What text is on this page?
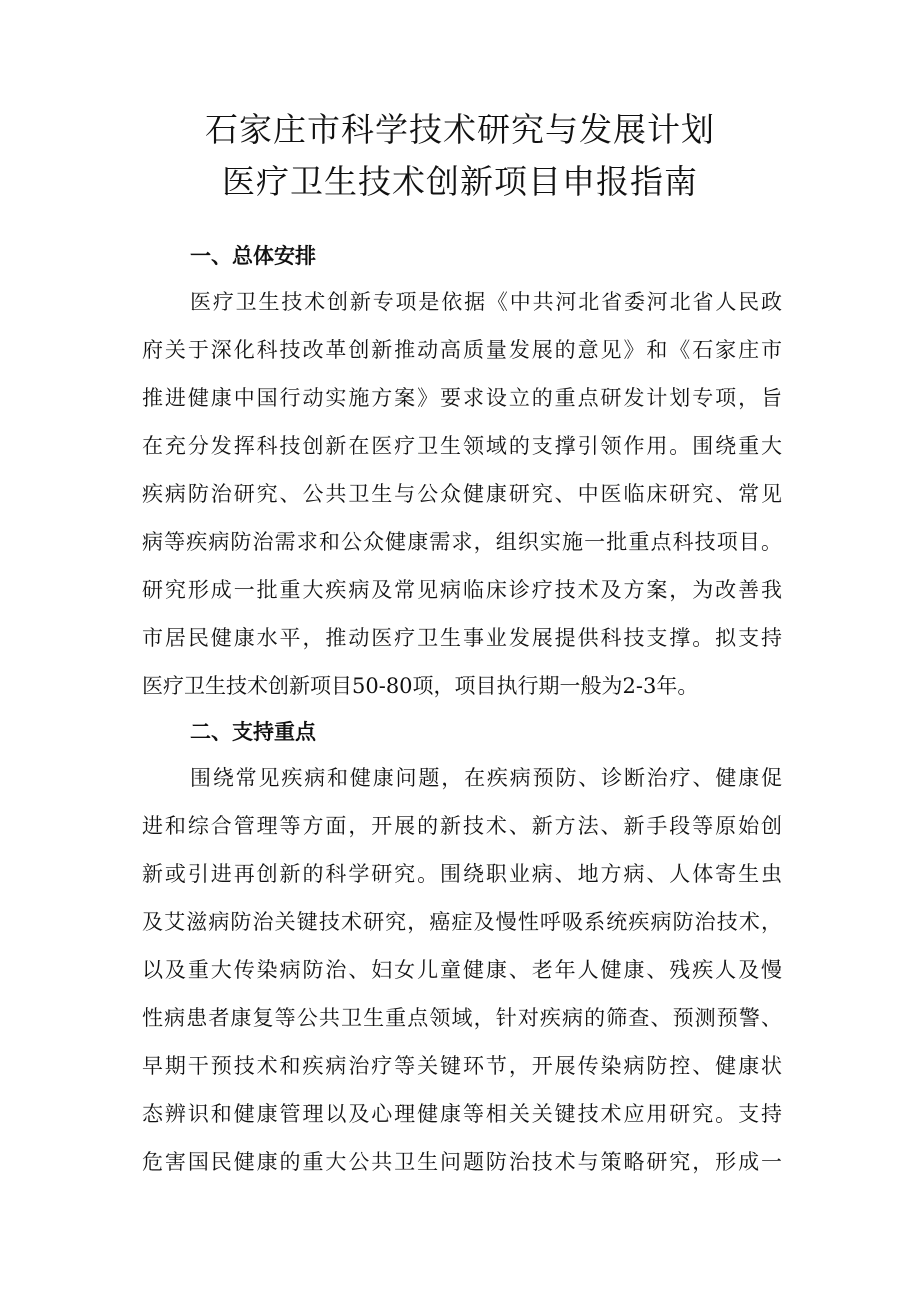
石家庄市科学技术研究与发展计划
医疗卫生技术创新项目申报指南
一、总体安排
医疗卫生技术创新专项是依据《中共河北省委河北省人民政
府关于深化科技改革创新推动高质量发展的意见》和《石家庄市
推进健康中国行动实施方案》要求设立的重点研发计划专项，旨
在充分发挥科技创新在医疗卫生领域的支撑引领作用。围绕重大
疾病防治研究、公共卫生与公众健康研究、中医临床研究、常见
病等疾病防治需求和公众健康需求，组织实施一批重点科技项目。
研究形成一批重大疾病及常见病临床诊疗技术及方案，为改善我
市居民健康水平，推动医疗卫生事业发展提供科技支撑。拟支持
医疗卫生技术创新项目50-80项，项目执行期一般为2-3年。
二、支持重点
围绕常见疾病和健康问题，在疾病预防、诊断治疗、健康促
进和综合管理等方面，开展的新技术、新方法、新手段等原始创
新或引进再创新的科学研究。围绕职业病、地方病、人体寄生虫
及艾滋病防治关键技术研究，癌症及慢性呼吸系统疾病防治技术，
以及重大传染病防治、妇女儿童健康、老年人健康、残疾人及慢
性病患者康复等公共卫生重点领域，针对疾病的筛查、预测预警、
早期干预技术和疾病治疗等关键环节，开展传染病防控、健康状
态辨识和健康管理以及心理健康等相关关键技术应用研究。支持
危害国民健康的重大公共卫生问题防治技术与策略研究，形成一
